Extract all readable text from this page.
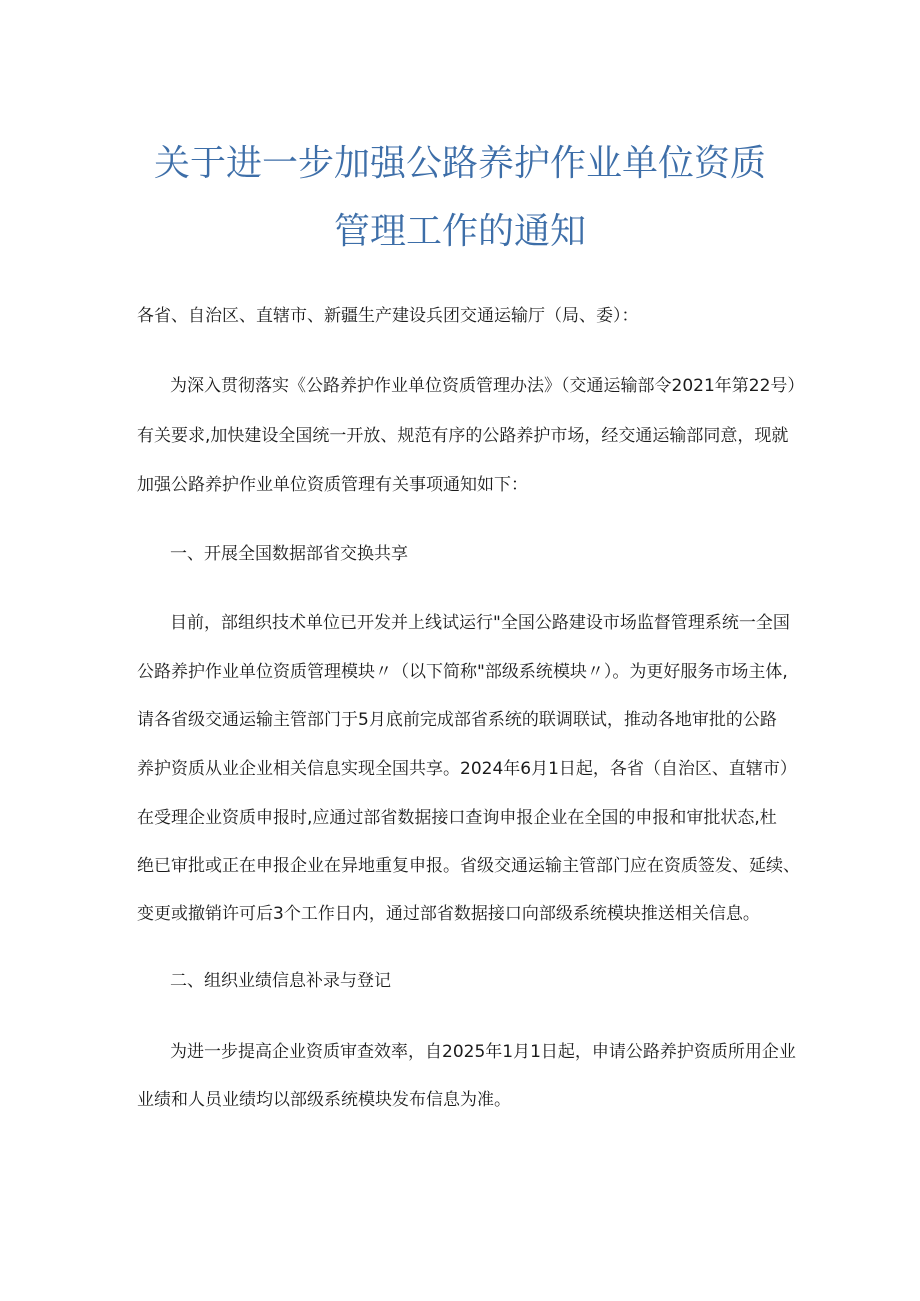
关于进一步加强公路养护作业单位资质
管理工作的通知

各省、自治区、直辖市、新疆生产建设兵团交通运输厅（局、委）：

为深入贯彻落实《公路养护作业单位资质管理办法》（交通运输部令2021年第22号）

有关要求,加快建设全国统一开放、规范有序的公路养护市场，经交通运输部同意，现就

加强公路养护作业单位资质管理有关事项通知如下：

一、开展全国数据部省交换共享

目前，部组织技术单位已开发并上线试运行"全国公路建设市场监督管理系统一全国

公路养护作业单位资质管理模块〃（以下简称"部级系统模块〃）。为更好服务市场主体,

请各省级交通运输主管部门于5月底前完成部省系统的联调联试，推动各地审批的公路

养护资质从业企业相关信息实现全国共享。2024年6月1日起，各省（自治区、直辖市）

在受理企业资质申报时,应通过部省数据接口查询申报企业在全国的申报和审批状态,杜

绝已审批或正在申报企业在异地重复申报。省级交通运输主管部门应在资质签发、延续、

变更或撤销许可后3个工作日内，通过部省数据接口向部级系统模块推送相关信息。

二、组织业绩信息补录与登记

为进一步提高企业资质审查效率，自2025年1月1日起，申请公路养护资质所用企业

业绩和人员业绩均以部级系统模块发布信息为准。
